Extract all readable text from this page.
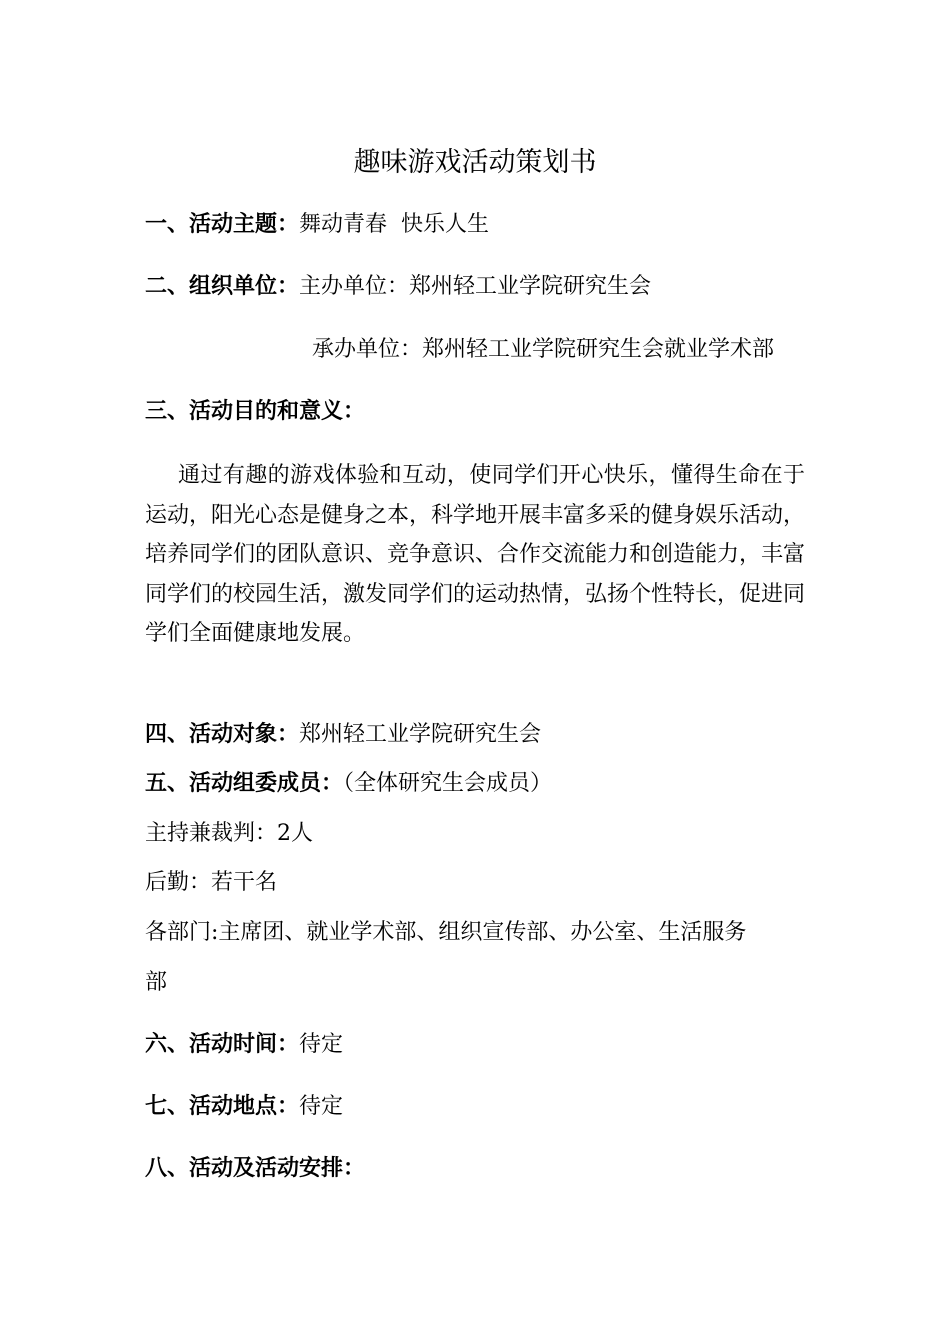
趣味游戏活动策划书
一、活动主题：舞动青春  快乐人生
二、组织单位：主办单位：郑州轻工业学院研究生会
承办单位：郑州轻工业学院研究生会就业学术部
三、活动目的和意义：
通过有趣的游戏体验和互动，使同学们开心快乐，懂得生命在于运动，阳光心态是健身之本，科学地开展丰富多采的健身娱乐活动，培养同学们的团队意识、竞争意识、合作交流能力和创造能力，丰富同学们的校园生活，激发同学们的运动热情，弘扬个性特长，促进同学们全面健康地发展。
四、活动对象：郑州轻工业学院研究生会
五、活动组委成员：（全体研究生会成员）
主持兼裁判：2人
后勤：若干名
各部门:主席团、就业学术部、组织宣传部、办公室、生活服务
部
六、活动时间：待定
七、活动地点：待定
八、活动及活动安排：
